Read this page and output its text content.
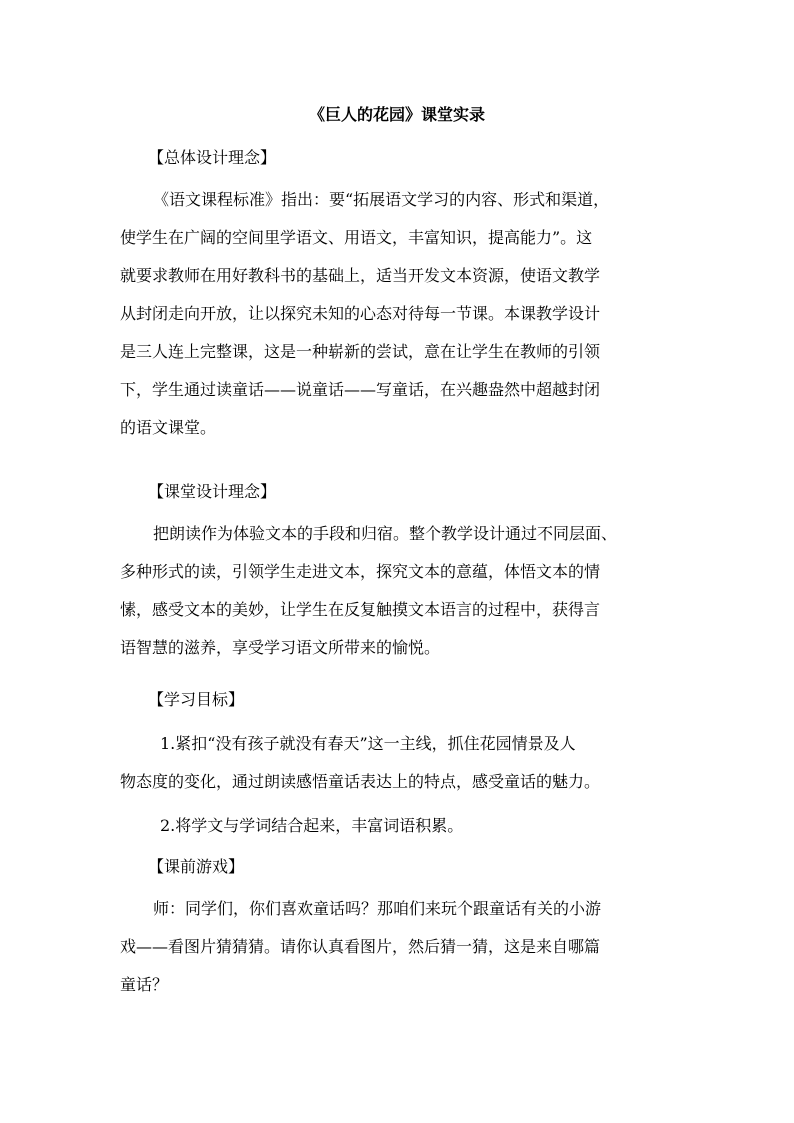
《巨人的花园》课堂实录
【总体设计理念】
《语文课程标准》指出：要“拓展语文学习的内容、形式和渠道，
使学生在广阔的空间里学语文、用语文，丰富知识，提高能力”。这
就要求教师在用好教科书的基础上，适当开发文本资源，使语文教学
从封闭走向开放，让以探究未知的心态对待每一节课。本课教学设计
是三人连上完整课，这是一种崭新的尝试，意在让学生在教师的引领
下，学生通过读童话——说童话——写童话，在兴趣盎然中超越封闭
的语文课堂。
【课堂设计理念】
把朗读作为体验文本的手段和归宿。整个教学设计通过不同层面、
多种形式的读，引领学生走进文本，探究文本的意蕴，体悟文本的情
愫，感受文本的美妙，让学生在反复触摸文本语言的过程中，获得言
语智慧的滋养，享受学习语文所带来的愉悦。
【学习目标】
1.紧扣“没有孩子就没有春天”这一主线，抓住花园情景及人
物态度的变化，通过朗读感悟童话表达上的特点，感受童话的魅力。
2.将学文与学词结合起来，丰富词语积累。
【课前游戏】
师：同学们，你们喜欢童话吗？那咱们来玩个跟童话有关的小游
戏——看图片猜猜猜。请你认真看图片，然后猜一猜，这是来自哪篇
童话？
